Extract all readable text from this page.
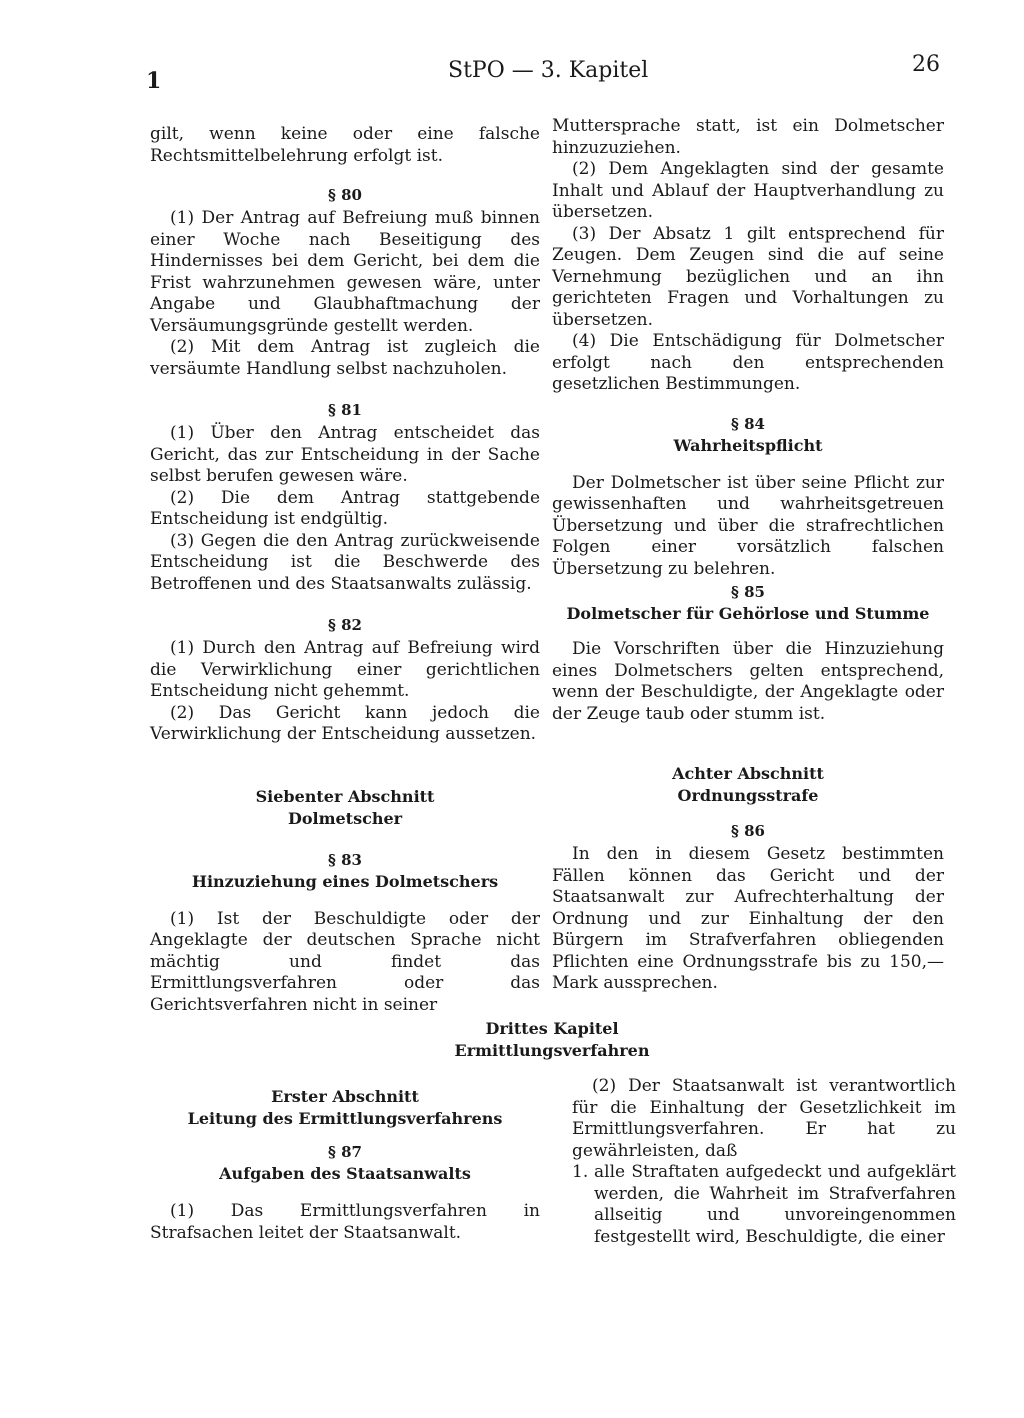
1	StPO — 3. Kapitel	26

gilt, wenn keine oder eine falsche Rechtsmittelbelehrung erfolgt ist.

§ 80

(1) Der Antrag auf Befreiung muß binnen einer Woche nach Beseitigung des Hindernisses bei dem Gericht, bei dem die Frist wahrzunehmen gewesen wäre, unter Angabe und Glaubhaftmachung der Versäumungsgründe gestellt werden.

(2) Mit dem Antrag ist zugleich die versäumte Handlung selbst nachzuholen.

§ 81

(1) Über den Antrag entscheidet das Gericht, das zur Entscheidung in der Sache selbst berufen gewesen wäre.

(2) Die dem Antrag stattgebende Entscheidung ist endgültig.

(3) Gegen die den Antrag zurückweisende Entscheidung ist die Beschwerde des Betroffenen und des Staatsanwalts zulässig.

§ 82

(1) Durch den Antrag auf Befreiung wird die Verwirklichung einer gerichtlichen Entscheidung nicht gehemmt.

(2) Das Gericht kann jedoch die Verwirklichung der Entscheidung aussetzen.

Siebenter Abschnitt

Dolmetscher

§ 83

Hinzuziehung eines Dolmetschers

(1) Ist der Beschuldigte oder der Angeklagte der deutschen Sprache nicht mächtig und findet das Ermittlungsverfahren oder das Gerichtsverfahren nicht in seiner

Muttersprache statt, ist ein Dolmetscher hinzuzuziehen.

(2) Dem Angeklagten sind der gesamte Inhalt und Ablauf der Hauptverhandlung zu übersetzen.

(3) Der Absatz 1 gilt entsprechend für Zeugen. Dem Zeugen sind die auf seine Vernehmung bezüglichen und an ihn gerichteten Fragen und Vorhaltungen zu übersetzen.

(4) Die Entschädigung für Dolmetscher erfolgt nach den entsprechenden gesetzlichen Bestimmungen.

§ 84

Wahrheitspflicht

Der Dolmetscher ist über seine Pflicht zur gewissenhaften und wahrheitsgetreuen Übersetzung und über die strafrechtlichen Folgen einer vorsätzlich falschen Übersetzung zu belehren.

§ 85

Dolmetscher für Gehörlose und Stumme

Die Vorschriften über die Hinzuziehung eines Dolmetschers gelten entsprechend, wenn der Beschuldigte, der Angeklagte oder der Zeuge taub oder stumm ist.

Achter Abschnitt

Ordnungsstrafe

§ 86

In den in diesem Gesetz bestimmten Fällen können das Gericht und der Staatsanwalt zur Aufrechterhaltung der Ordnung und zur Einhaltung der den Bürgern im Strafverfahren obliegenden Pflichten eine Ordnungsstrafe bis zu 150,— Mark aussprechen.

Drittes Kapitel

Ermittlungsverfahren

Erster Abschnitt

Leitung des Ermittlungsverfahrens

§ 87

Aufgaben des Staatsanwalts

(1) Das Ermittlungsverfahren in Strafsachen leitet der Staatsanwalt.

(2) Der Staatsanwalt ist verantwortlich für die Einhaltung der Gesetzlichkeit im Ermittlungsverfahren. Er hat zu gewährleisten, daß

1. alle Straftaten aufgedeckt und aufgeklärt werden, die Wahrheit im Strafverfahren allseitig und unvoreingenommen festgestellt wird, Beschuldigte, die einer
